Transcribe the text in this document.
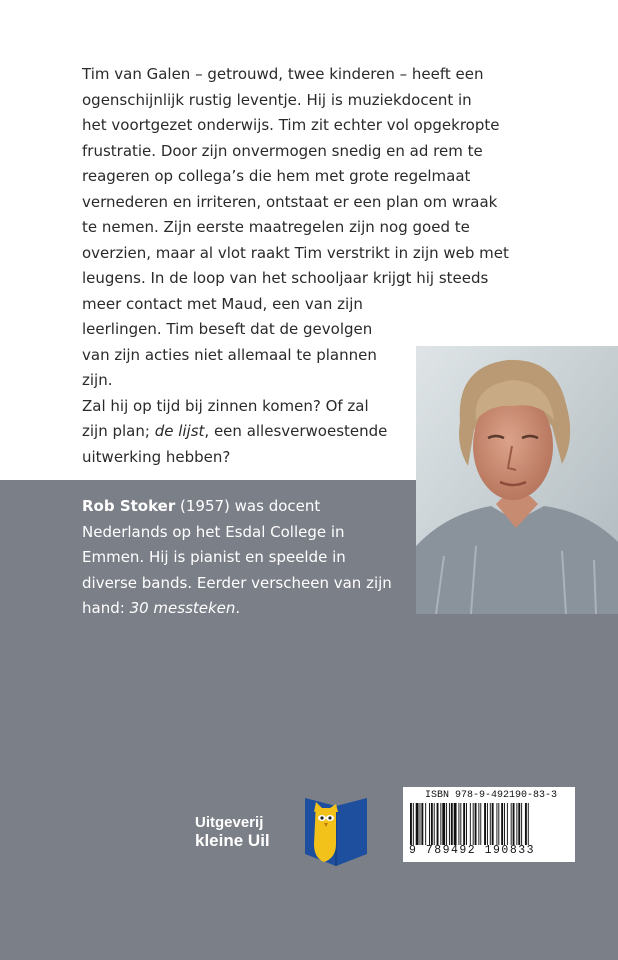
Tim van Galen – getrouwd, twee kinderen – heeft een
ogenschijnlijk rustig leventje. Hij is muziekdocent in
het voortgezet onderwijs. Tim zit echter vol opgekropte
frustratie. Door zijn onvermogen snedig en ad rem te
reageren op collega’s die hem met grote regelmaat
vernederen en irriteren, ontstaat er een plan om wraak
te nemen. Zijn eerste maatregelen zijn nog goed te
overzien, maar al vlot raakt Tim verstrikt in zijn web met
leugens. In de loop van het schooljaar krijgt hij steeds
meer contact met Maud, een van zijn
leerlingen. Tim beseft dat de gevolgen
van zijn acties niet allemaal te plannen
zijn.
Zal hij op tijd bij zinnen komen? Of zal
zijn plan; de lijst, een allesverwoestende
uitwerking hebben?
Rob Stoker (1957) was docent
Nederlands op het Esdal College in
Emmen. Hij is pianist en speelde in
diverse bands. Eerder verscheen van zijn
hand: 30 messteken.
Uitgeverij
kleine Uil
ISBN 978-9-492190-83-3
9 789492 190833
